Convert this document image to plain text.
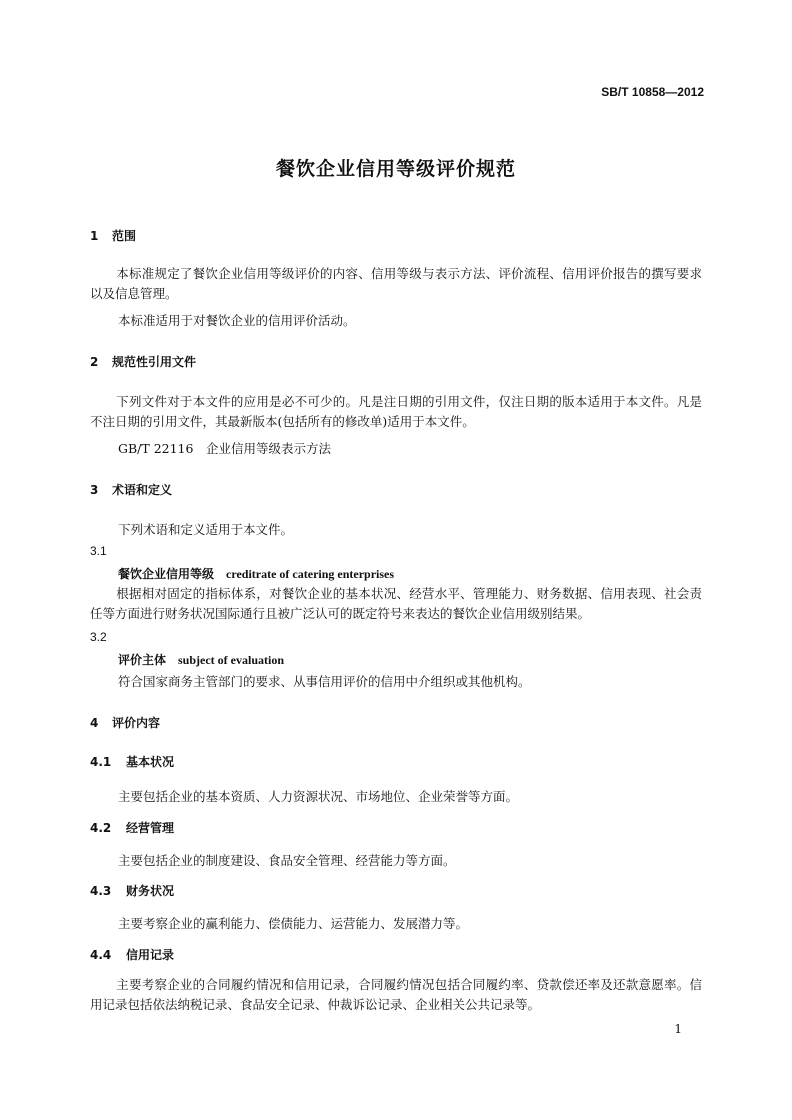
SB/T 10858—2012
餐饮企业信用等级评价规范
1 范围
本标准规定了餐饮企业信用等级评价的内容、信用等级与表示方法、评价流程、信用评价报告的撰写要求以及信息管理。
本标准适用于对餐饮企业的信用评价活动。
2 规范性引用文件
下列文件对于本文件的应用是必不可少的。凡是注日期的引用文件，仅注日期的版本适用于本文件。凡是不注日期的引用文件，其最新版本(包括所有的修改单)适用于本文件。
GB/T 22116　企业信用等级表示方法
3 术语和定义
下列术语和定义适用于本文件。
3.1
餐饮企业信用等级 creditrate of catering enterprises
根据相对固定的指标体系，对餐饮企业的基本状况、经营水平、管理能力、财务数据、信用表现、社会责任等方面进行财务状况国际通行且被广泛认可的既定符号来表达的餐饮企业信用级别结果。
3.2
评价主体 subject of evaluation
符合国家商务主管部门的要求、从事信用评价的信用中介组织或其他机构。
4 评价内容
4.1 基本状况
主要包括企业的基本资质、人力资源状况、市场地位、企业荣誉等方面。
4.2 经营管理
主要包括企业的制度建设、食品安全管理、经营能力等方面。
4.3 财务状况
主要考察企业的赢利能力、偿债能力、运营能力、发展潜力等。
4.4 信用记录
主要考察企业的合同履约情况和信用记录，合同履约情况包括合同履约率、贷款偿还率及还款意愿率。信用记录包括依法纳税记录、食品安全记录、仲裁诉讼记录、企业相关公共记录等。
1
